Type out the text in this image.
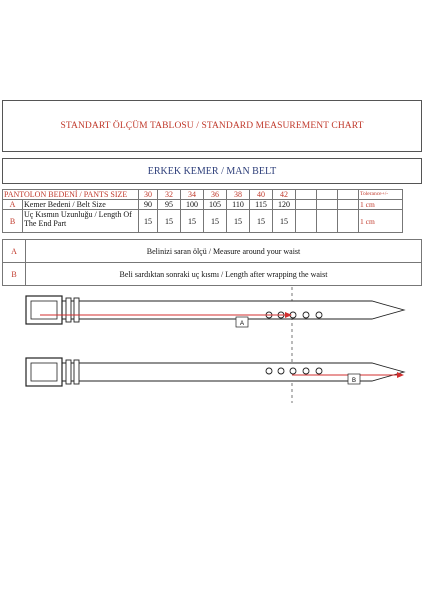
STANDART ÖLÇÜM TABLOSU / STANDARD MEASUREMENT CHART
ERKEK KEMER / MAN BELT
PANTOLON BEDENİ / PANTS SIZE		30	32	34	36	38	40	42				Tolerance+/-
A	Kemer Bedeni / Belt Size	90	95	100	105	110	115	120				1 cm
B	Uç Kısmın Uzunluğu / Length Of The End Part	15	15	15	15	15	15	15				1 cm
A	Belinizi saran ölçü / Measure around your waist
B	Beli sardıktan sonraki uç kısmı / Length after wrapping the waist
A
B
